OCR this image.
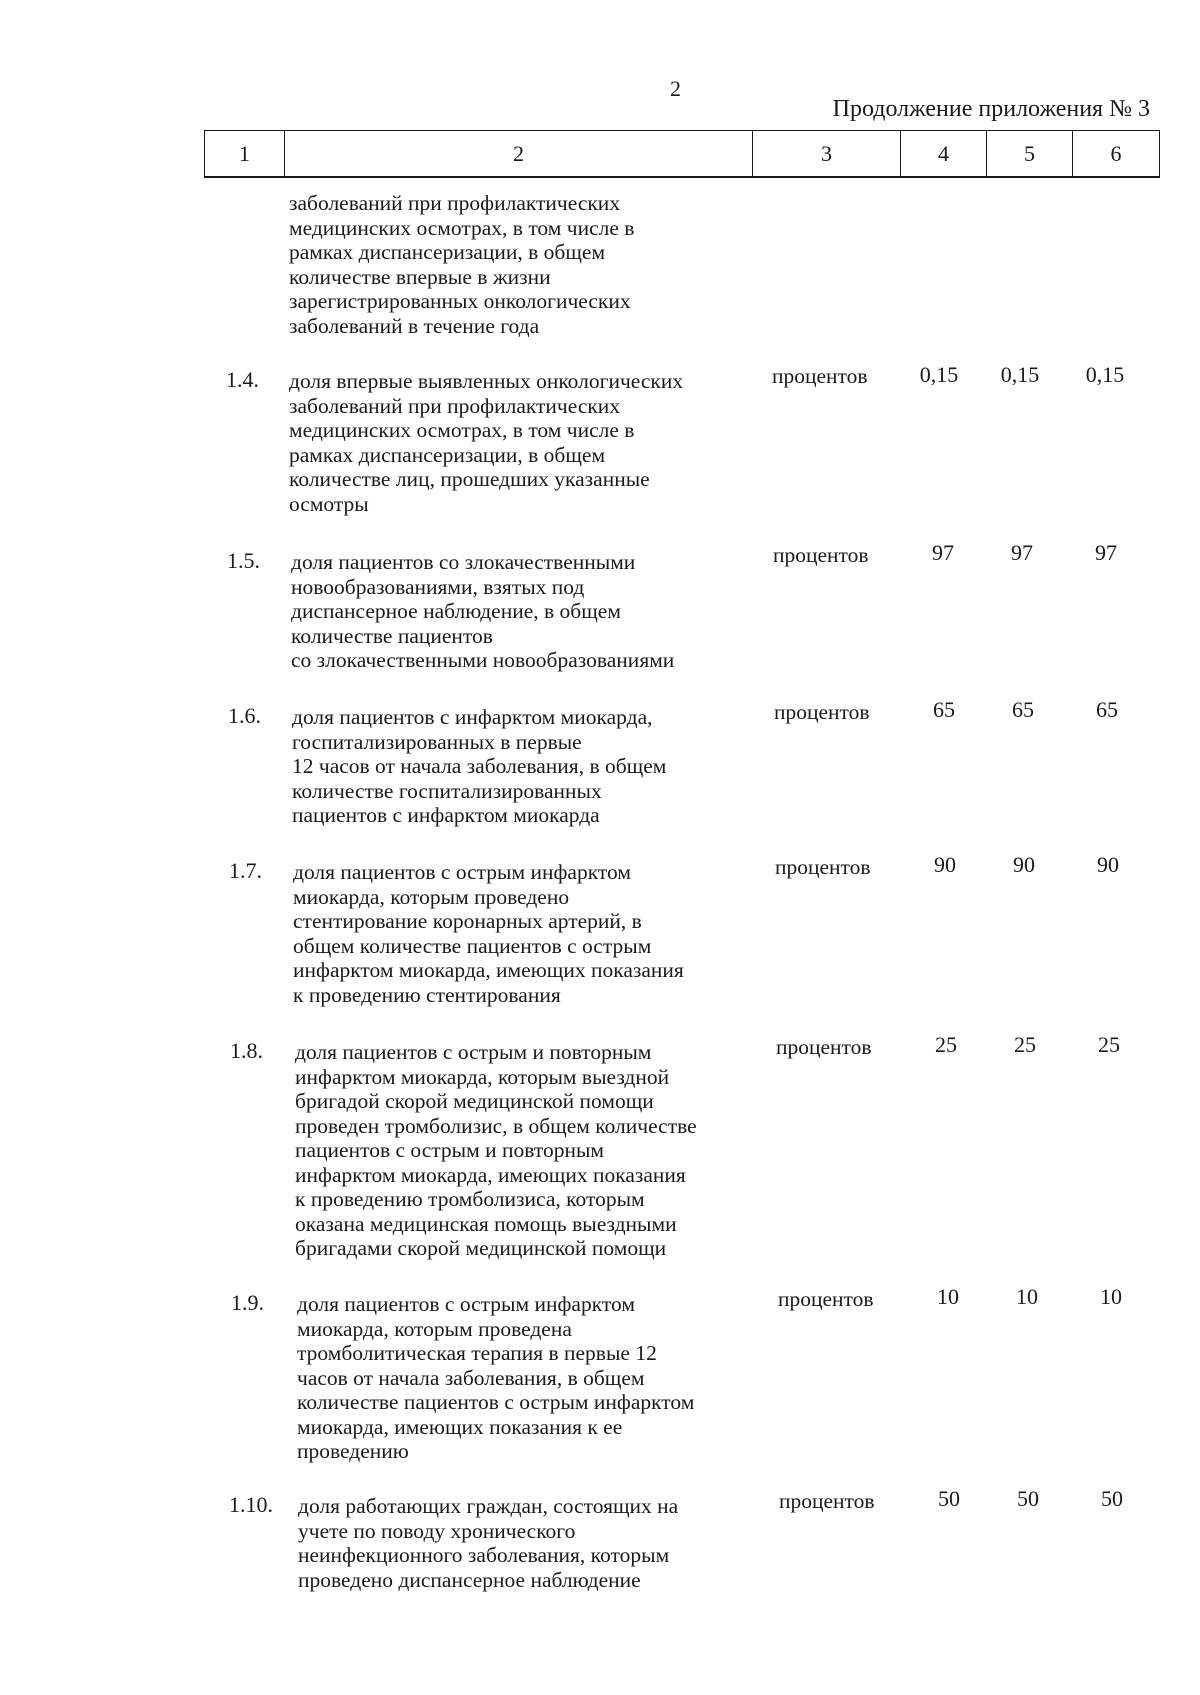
2
Продолжение приложения № 3
1	2	3	4	5	6
заболеваний при профилактических
медицинских осмотрах, в том числе в
рамках диспансеризации, в общем
количестве впервые в жизни
зарегистрированных онкологических
заболеваний в течение года
1.4. доля впервые выявленных онкологических
заболеваний при профилактических
медицинских осмотрах, в том числе в
рамках диспансеризации, в общем
количестве лиц, прошедших указанные
осмотры
процентов	0,15	0,15	0,15
1.5. доля пациентов со злокачественными
новообразованиями, взятых под
диспансерное наблюдение, в общем
количестве пациентов
со злокачественными новообразованиями
процентов	97	97	97
1.6. доля пациентов с инфарктом миокарда,
госпитализированных в первые
12 часов от начала заболевания, в общем
количестве госпитализированных
пациентов с инфарктом миокарда
процентов	65	65	65
1.7. доля пациентов с острым инфарктом
миокарда, которым проведено
стентирование коронарных артерий, в
общем количестве пациентов с острым
инфарктом миокарда, имеющих показания
к проведению стентирования
процентов	90	90	90
1.8. доля пациентов с острым и повторным
инфарктом миокарда, которым выездной
бригадой скорой медицинской помощи
проведен тромболизис, в общем количестве
пациентов с острым и повторным
инфарктом миокарда, имеющих показания
к проведению тромболизиса, которым
оказана медицинская помощь выездными
бригадами скорой медицинской помощи
процентов	25	25	25
1.9. доля пациентов с острым инфарктом
миокарда, которым проведена
тромболитическая терапия в первые 12
часов от начала заболевания, в общем
количестве пациентов с острым инфарктом
миокарда, имеющих показания к ее
проведению
процентов	10	10	10
1.10. доля работающих граждан, состоящих на
учете по поводу хронического
неинфекционного заболевания, которым
проведено диспансерное наблюдение
процентов	50	50	50
